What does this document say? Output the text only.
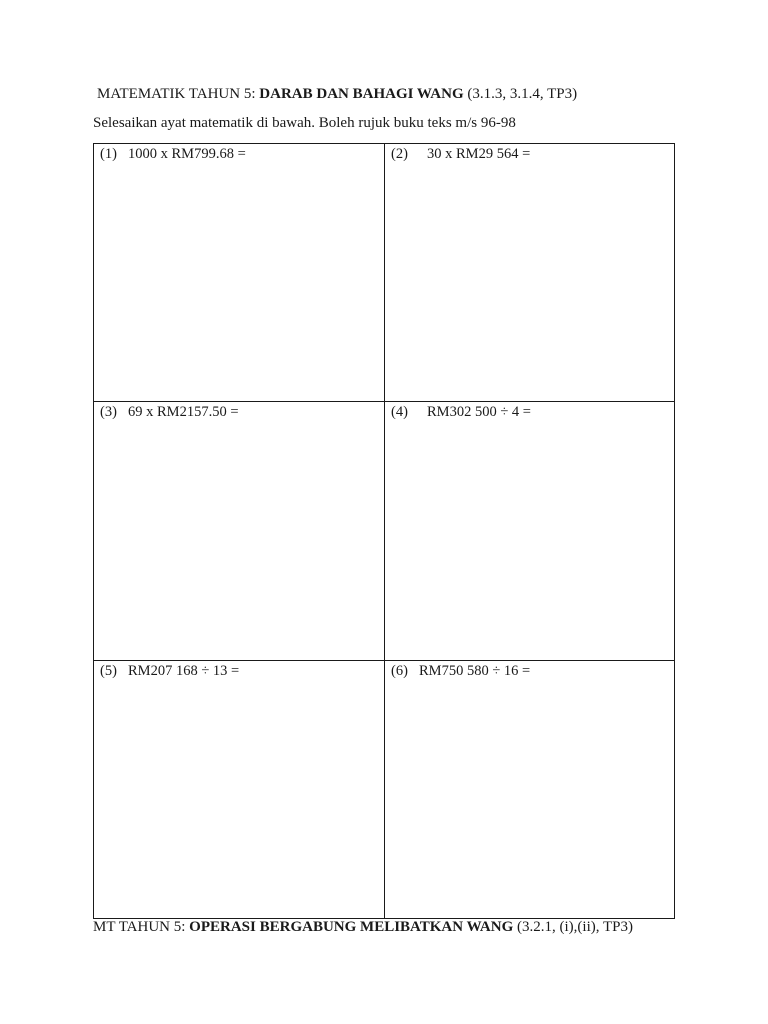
MATEMATIK TAHUN 5: DARAB DAN BAHAGI WANG (3.1.3, 3.1.4, TP3)
Selesaikan ayat matematik di bawah. Boleh rujuk buku teks m/s 96-98
(1) 1000 x RM799.68 =	(2) 30 x RM29 564 =
(3) 69 x RM2157.50 =	(4) RM302 500 ÷ 4 =
(5) RM207 168 ÷ 13 =	(6) RM750 580 ÷ 16 =
MT TAHUN 5: OPERASI BERGABUNG MELIBATKAN WANG (3.2.1, (i),(ii), TP3)
